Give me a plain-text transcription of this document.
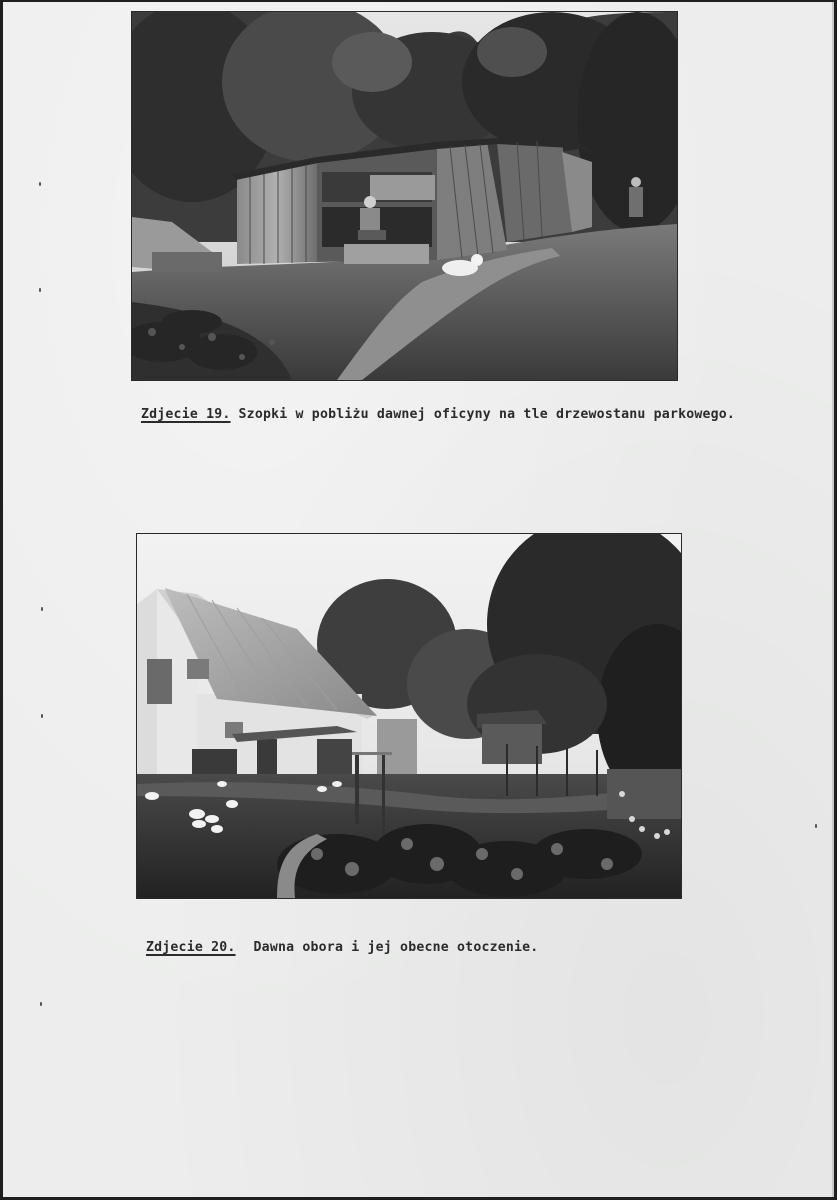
Zdjecie 19. Szopki w pobliżu dawnej oficyny na tle drzewostanu parkowego.
Zdjecie 20. Dawna obora i jej obecne otoczenie.
